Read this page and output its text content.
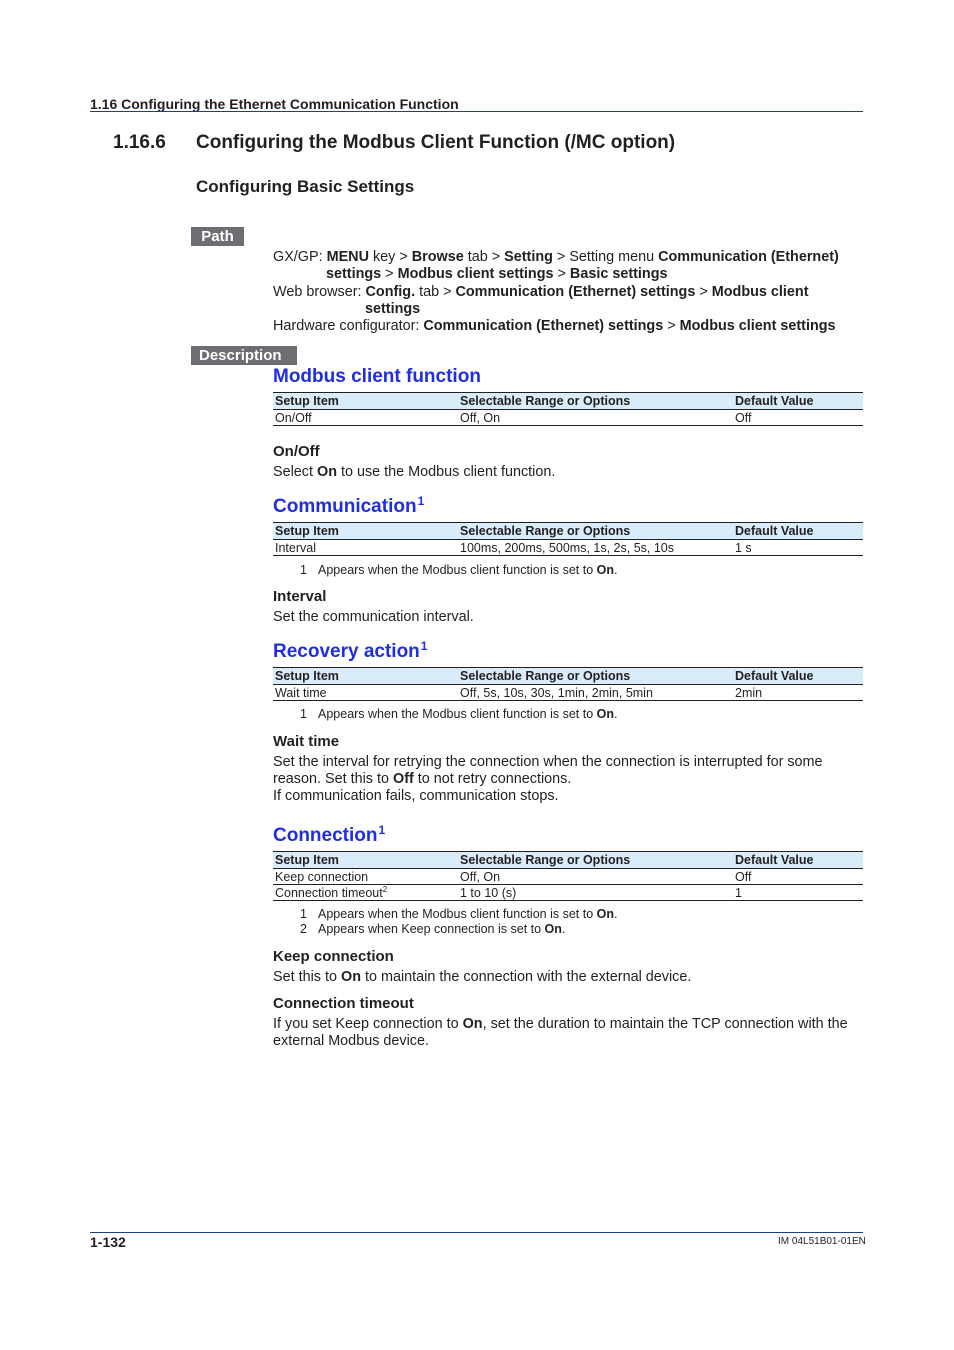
1.16 Configuring the Ethernet Communication Function
1.16.6 Configuring the Modbus Client Function (/MC option)
Configuring Basic Settings
Path
GX/GP: MENU key > Browse tab > Setting > Setting menu Communication (Ethernet)
settings > Modbus client settings > Basic settings
Web browser: Config. tab > Communication (Ethernet) settings > Modbus client
settings
Hardware configurator: Communication (Ethernet) settings > Modbus client settings
Description
Modbus client function
Setup Item	Selectable Range or Options	Default Value
On/Off	Off, On	Off
On/Off
Select On to use the Modbus client function.
Communication$^1$
Setup Item	Selectable Range or Options	Default Value
Interval	100ms, 200ms, 500ms, 1s, 2s, 5s, 10s	1 s
1 Appears when the Modbus client function is set to On.
Interval
Set the communication interval.
Recovery action$^1$
Setup Item	Selectable Range or Options	Default Value
Wait time	Off, 5s, 10s, 30s, 1min, 2min, 5min	2min
1 Appears when the Modbus client function is set to On.
Wait time
Set the interval for retrying the connection when the connection is interrupted for some reason. Set this to Off to not retry connections.
If communication fails, communication stops.
Connection$^1$
Setup Item	Selectable Range or Options	Default Value
Keep connection	Off, On	Off
Connection timeout$^2$	1 to 10 (s)	1
1 Appears when the Modbus client function is set to On.
2 Appears when Keep connection is set to On.
Keep connection
Set this to On to maintain the connection with the external device.
Connection timeout
If you set Keep connection to On, set the duration to maintain the TCP connection with the external Modbus device.
1-132	IM 04L51B01-01EN
